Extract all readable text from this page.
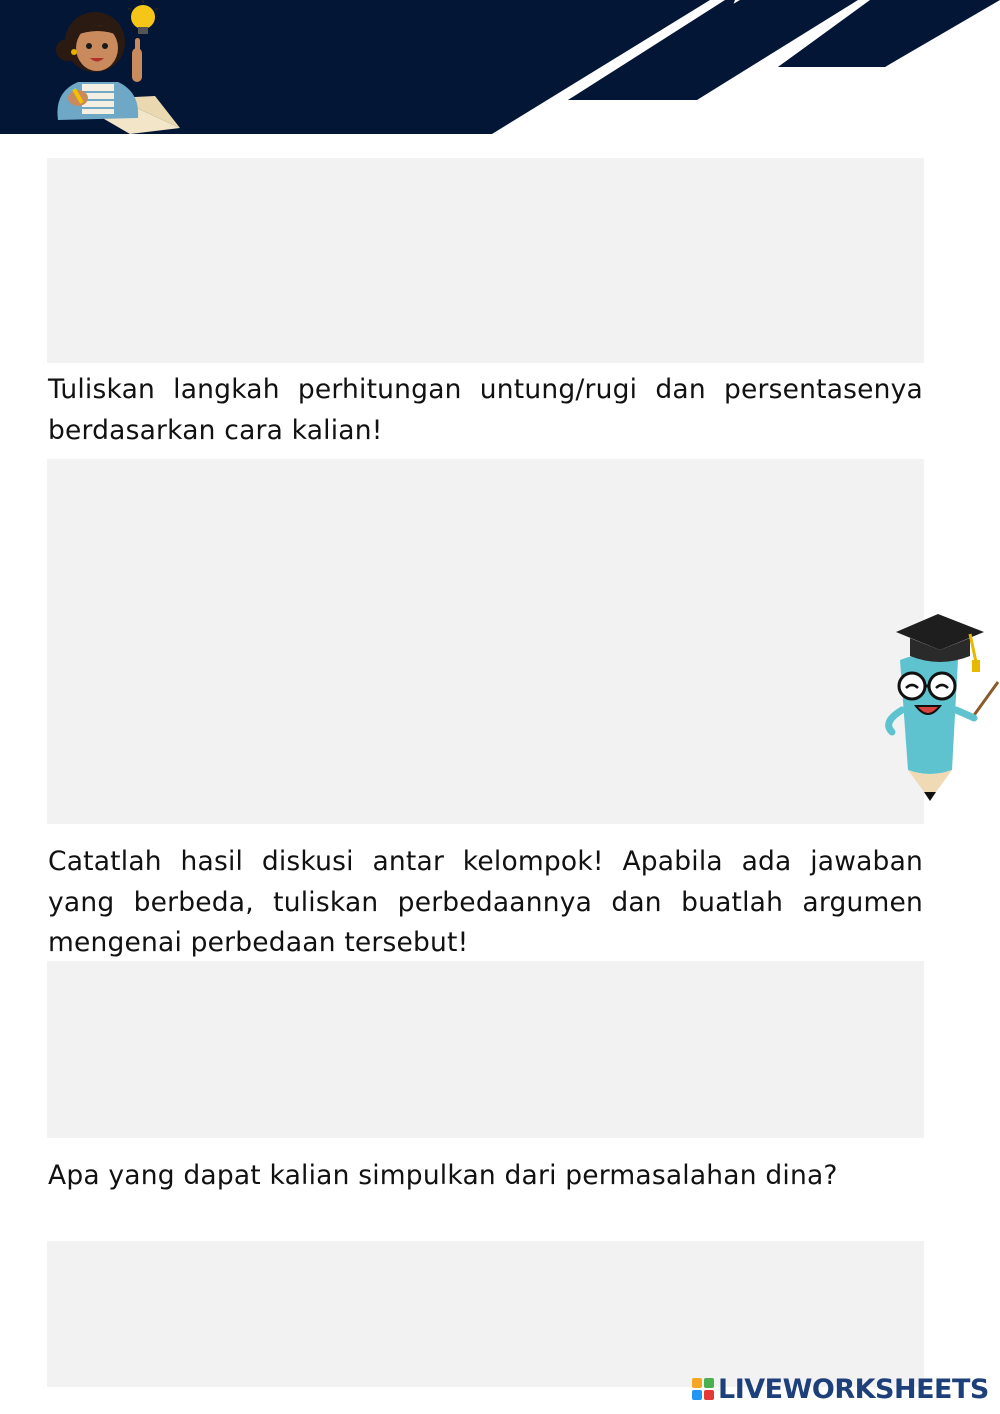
Tuliskan langkah perhitungan untung/rugi dan persentasenya berdasarkan cara kalian!
Catatlah hasil diskusi antar kelompok! Apabila ada jawaban yang berbeda, tuliskan perbedaannya dan buatlah argumen mengenai perbedaan tersebut!
Apa yang dapat kalian simpulkan dari permasalahan dina?
LIVEWORKSHEETS
